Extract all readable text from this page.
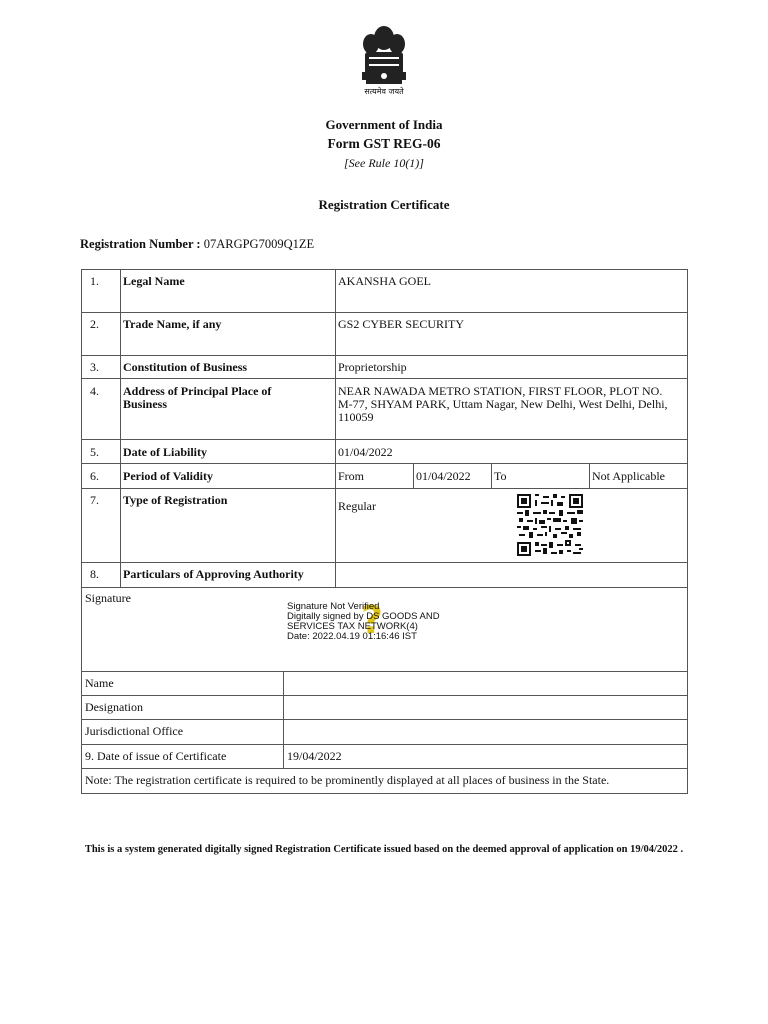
सत्यमेव जयते
Government of India
Form GST REG-06
[See Rule 10(1)]
Registration Certificate
Registration Number : 07ARGPG7009Q1ZE
1. Legal Name	AKANSHA GOEL
2. Trade Name, if any	GS2 CYBER SECURITY
3. Constitution of Business	Proprietorship
4. Address of Principal Place of Business
NEAR NAWADA METRO STATION, FIRST FLOOR, PLOT NO. M-77, SHYAM PARK, Uttam Nagar, New Delhi, West Delhi, Delhi, 110059
5. Date of Liability	01/04/2022
6. Period of Validity	From	01/04/2022 To	Not Applicable
7. Type of Registration	Regular
8. Particulars of Approving Authority
Signature	?
Signature Not Verified
Digitally signed by DS GOODS AND
SERVICES TAX NETWORK(4)
Date: 2022.04.19 01:16:46 IST
Name
Designation
Jurisdictional Office
9. Date of issue of Certificate	19/04/2022
Note: The registration certificate is required to be prominently displayed at all places of business in the State.
This is a system generated digitally signed Registration Certificate issued based on the deemed approval of application on 19/04/2022 .
